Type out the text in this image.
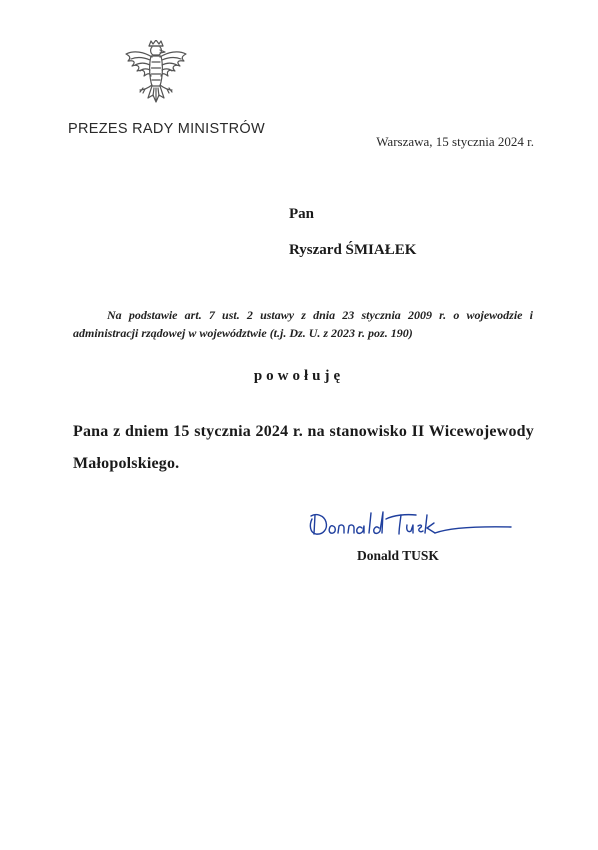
PREZES RADY MINISTRÓW
Warszawa, 15 stycznia 2024 r.
Pan
Ryszard ŚMIAŁEK
Na podstawie art. 7 ust. 2 ustawy z dnia 23 stycznia 2009 r. o wojewodzie i administracji rządowej w województwie (t.j. Dz. U. z 2023 r. poz. 190)
powołuję
Pana z dniem 15 stycznia 2024 r. na stanowisko II Wicewojewody Małopolskiego.
Donald TUSK
